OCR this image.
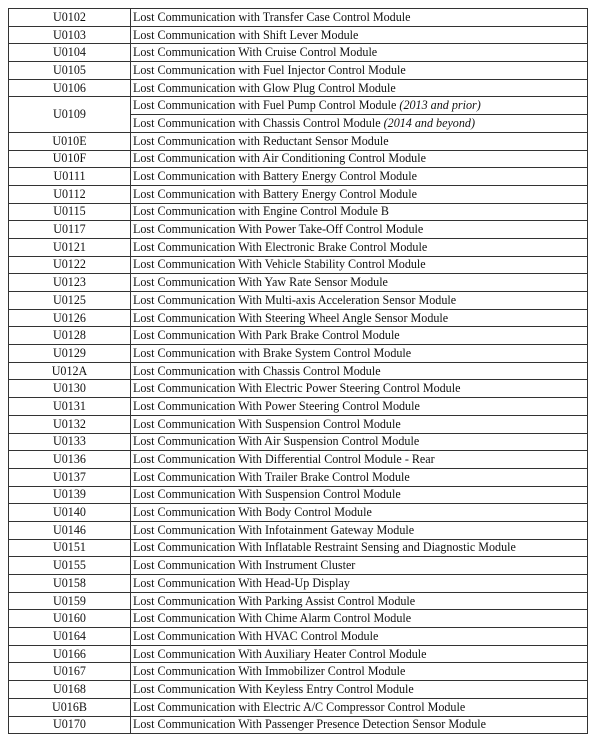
U0102	Lost Communication with Transfer Case Control Module
U0103	Lost Communication with Shift Lever Module
U0104	Lost Communication With Cruise Control Module
U0105	Lost Communication with Fuel Injector Control Module
U0106	Lost Communication with Glow Plug Control Module
U0109	Lost Communication with Fuel Pump Control Module (2013 and prior)
	Lost Communication with Chassis Control Module (2014 and beyond)
U010E	Lost Communication with Reductant Sensor Module
U010F	Lost Communication with Air Conditioning Control Module
U0111	Lost Communication with Battery Energy Control Module
U0112	Lost Communication with Battery Energy Control Module
U0115	Lost Communication with Engine Control Module B
U0117	Lost Communication With Power Take-Off Control Module
U0121	Lost Communication With Electronic Brake Control Module
U0122	Lost Communication With Vehicle Stability Control Module
U0123	Lost Communication With Yaw Rate Sensor Module
U0125	Lost Communication With Multi-axis Acceleration Sensor Module
U0126	Lost Communication With Steering Wheel Angle Sensor Module
U0128	Lost Communication With Park Brake Control Module
U0129	Lost Communication with Brake System Control Module
U012A	Lost Communication with Chassis Control Module
U0130	Lost Communication With Electric Power Steering Control Module
U0131	Lost Communication With Power Steering Control Module
U0132	Lost Communication With Suspension Control Module
U0133	Lost Communication With Air Suspension Control Module
U0136	Lost Communication With Differential Control Module - Rear
U0137	Lost Communication With Trailer Brake Control Module
U0139	Lost Communication With Suspension Control Module
U0140	Lost Communication With Body Control Module
U0146	Lost Communication With Infotainment Gateway Module
U0151	Lost Communication With Inflatable Restraint Sensing and Diagnostic Module
U0155	Lost Communication With Instrument Cluster
U0158	Lost Communication With Head-Up Display
U0159	Lost Communication With Parking Assist Control Module
U0160	Lost Communication With Chime Alarm Control Module
U0164	Lost Communication With HVAC Control Module
U0166	Lost Communication With Auxiliary Heater Control Module
U0167	Lost Communication With Immobilizer Control Module
U0168	Lost Communication With Keyless Entry Control Module
U016B	Lost Communication with Electric A/C Compressor Control Module
U0170	Lost Communication With Passenger Presence Detection Sensor Module
